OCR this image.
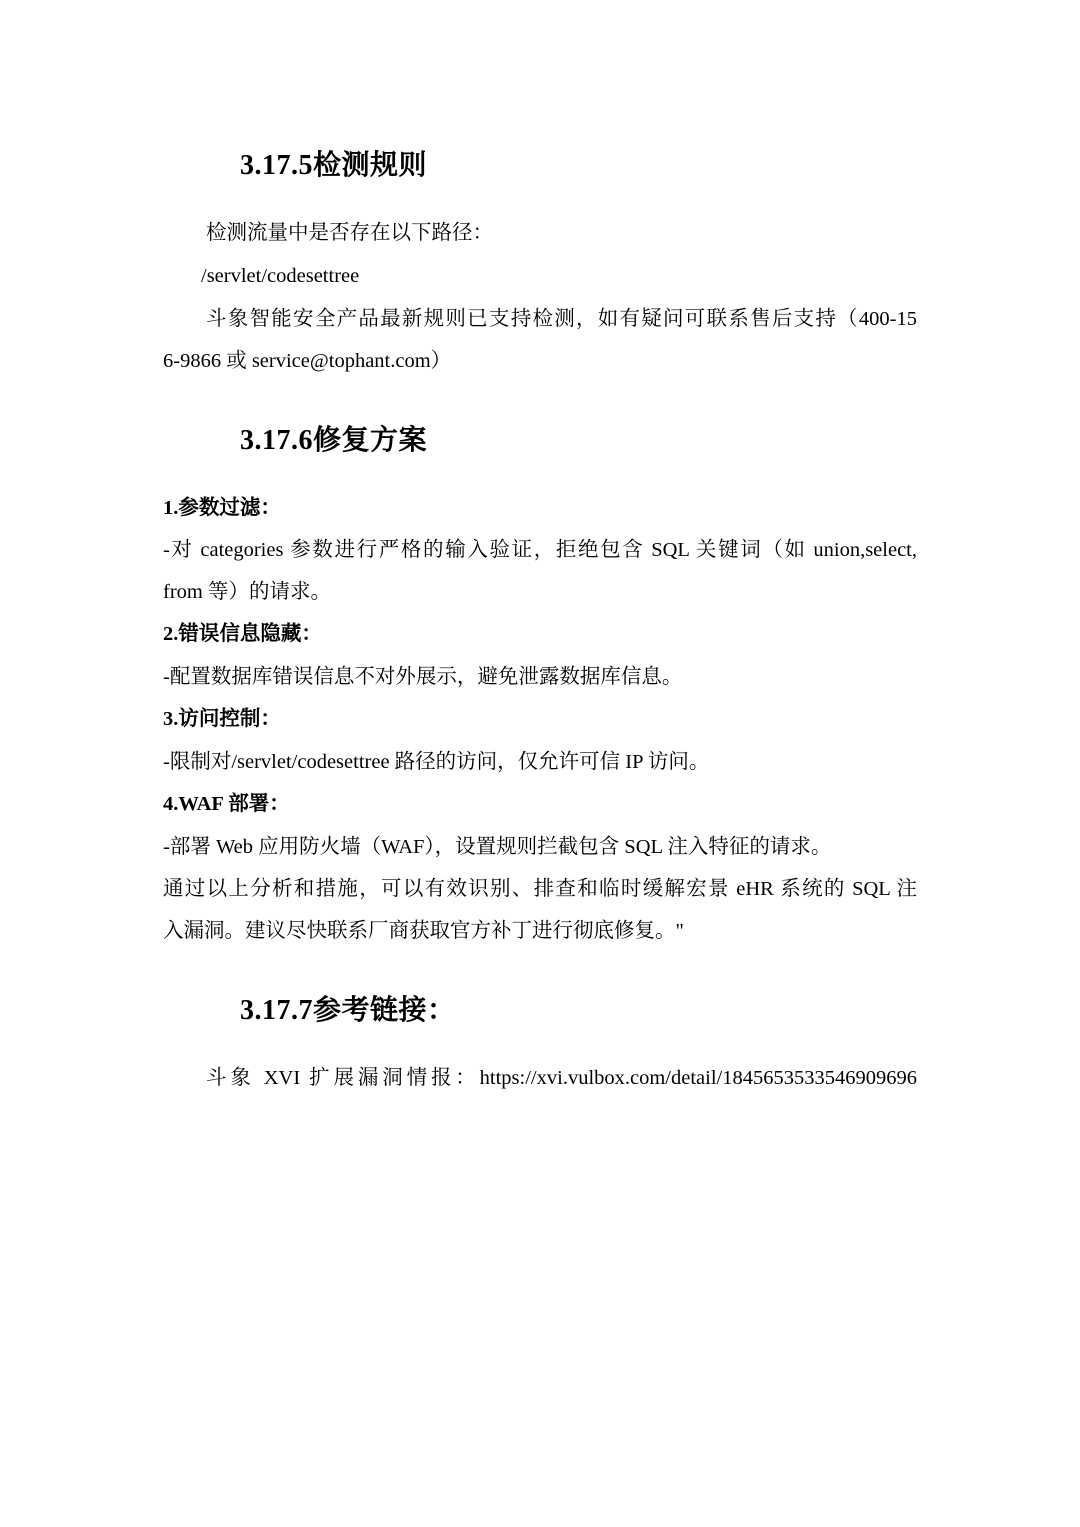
3.17.5检测规则
检测流量中是否存在以下路径：
/servlet/codesettree
斗象智能安全产品最新规则已支持检测，如有疑问可联系售后支持（400-15
6-9866 或 service@tophant.com）
3.17.6修复方案
1.参数过滤：
-对 categories 参数进行严格的输入验证，拒绝包含 SQL 关键词（如 union,select,
from 等）的请求。
2.错误信息隐藏：
-配置数据库错误信息不对外展示，避免泄露数据库信息。
3.访问控制：
-限制对/servlet/codesettree 路径的访问，仅允许可信 IP 访问。
4.WAF 部署：
-部署 Web 应用防火墙（WAF），设置规则拦截包含 SQL 注入特征的请求。
通过以上分析和措施，可以有效识别、排查和临时缓解宏景 eHR 系统的 SQL 注
入漏洞。建议尽快联系厂商获取官方补丁进行彻底修复。"
3.17.7参考链接：
斗象 XVI 扩展漏洞情报：https://xvi.vulbox.com/detail/1845653533546909696
